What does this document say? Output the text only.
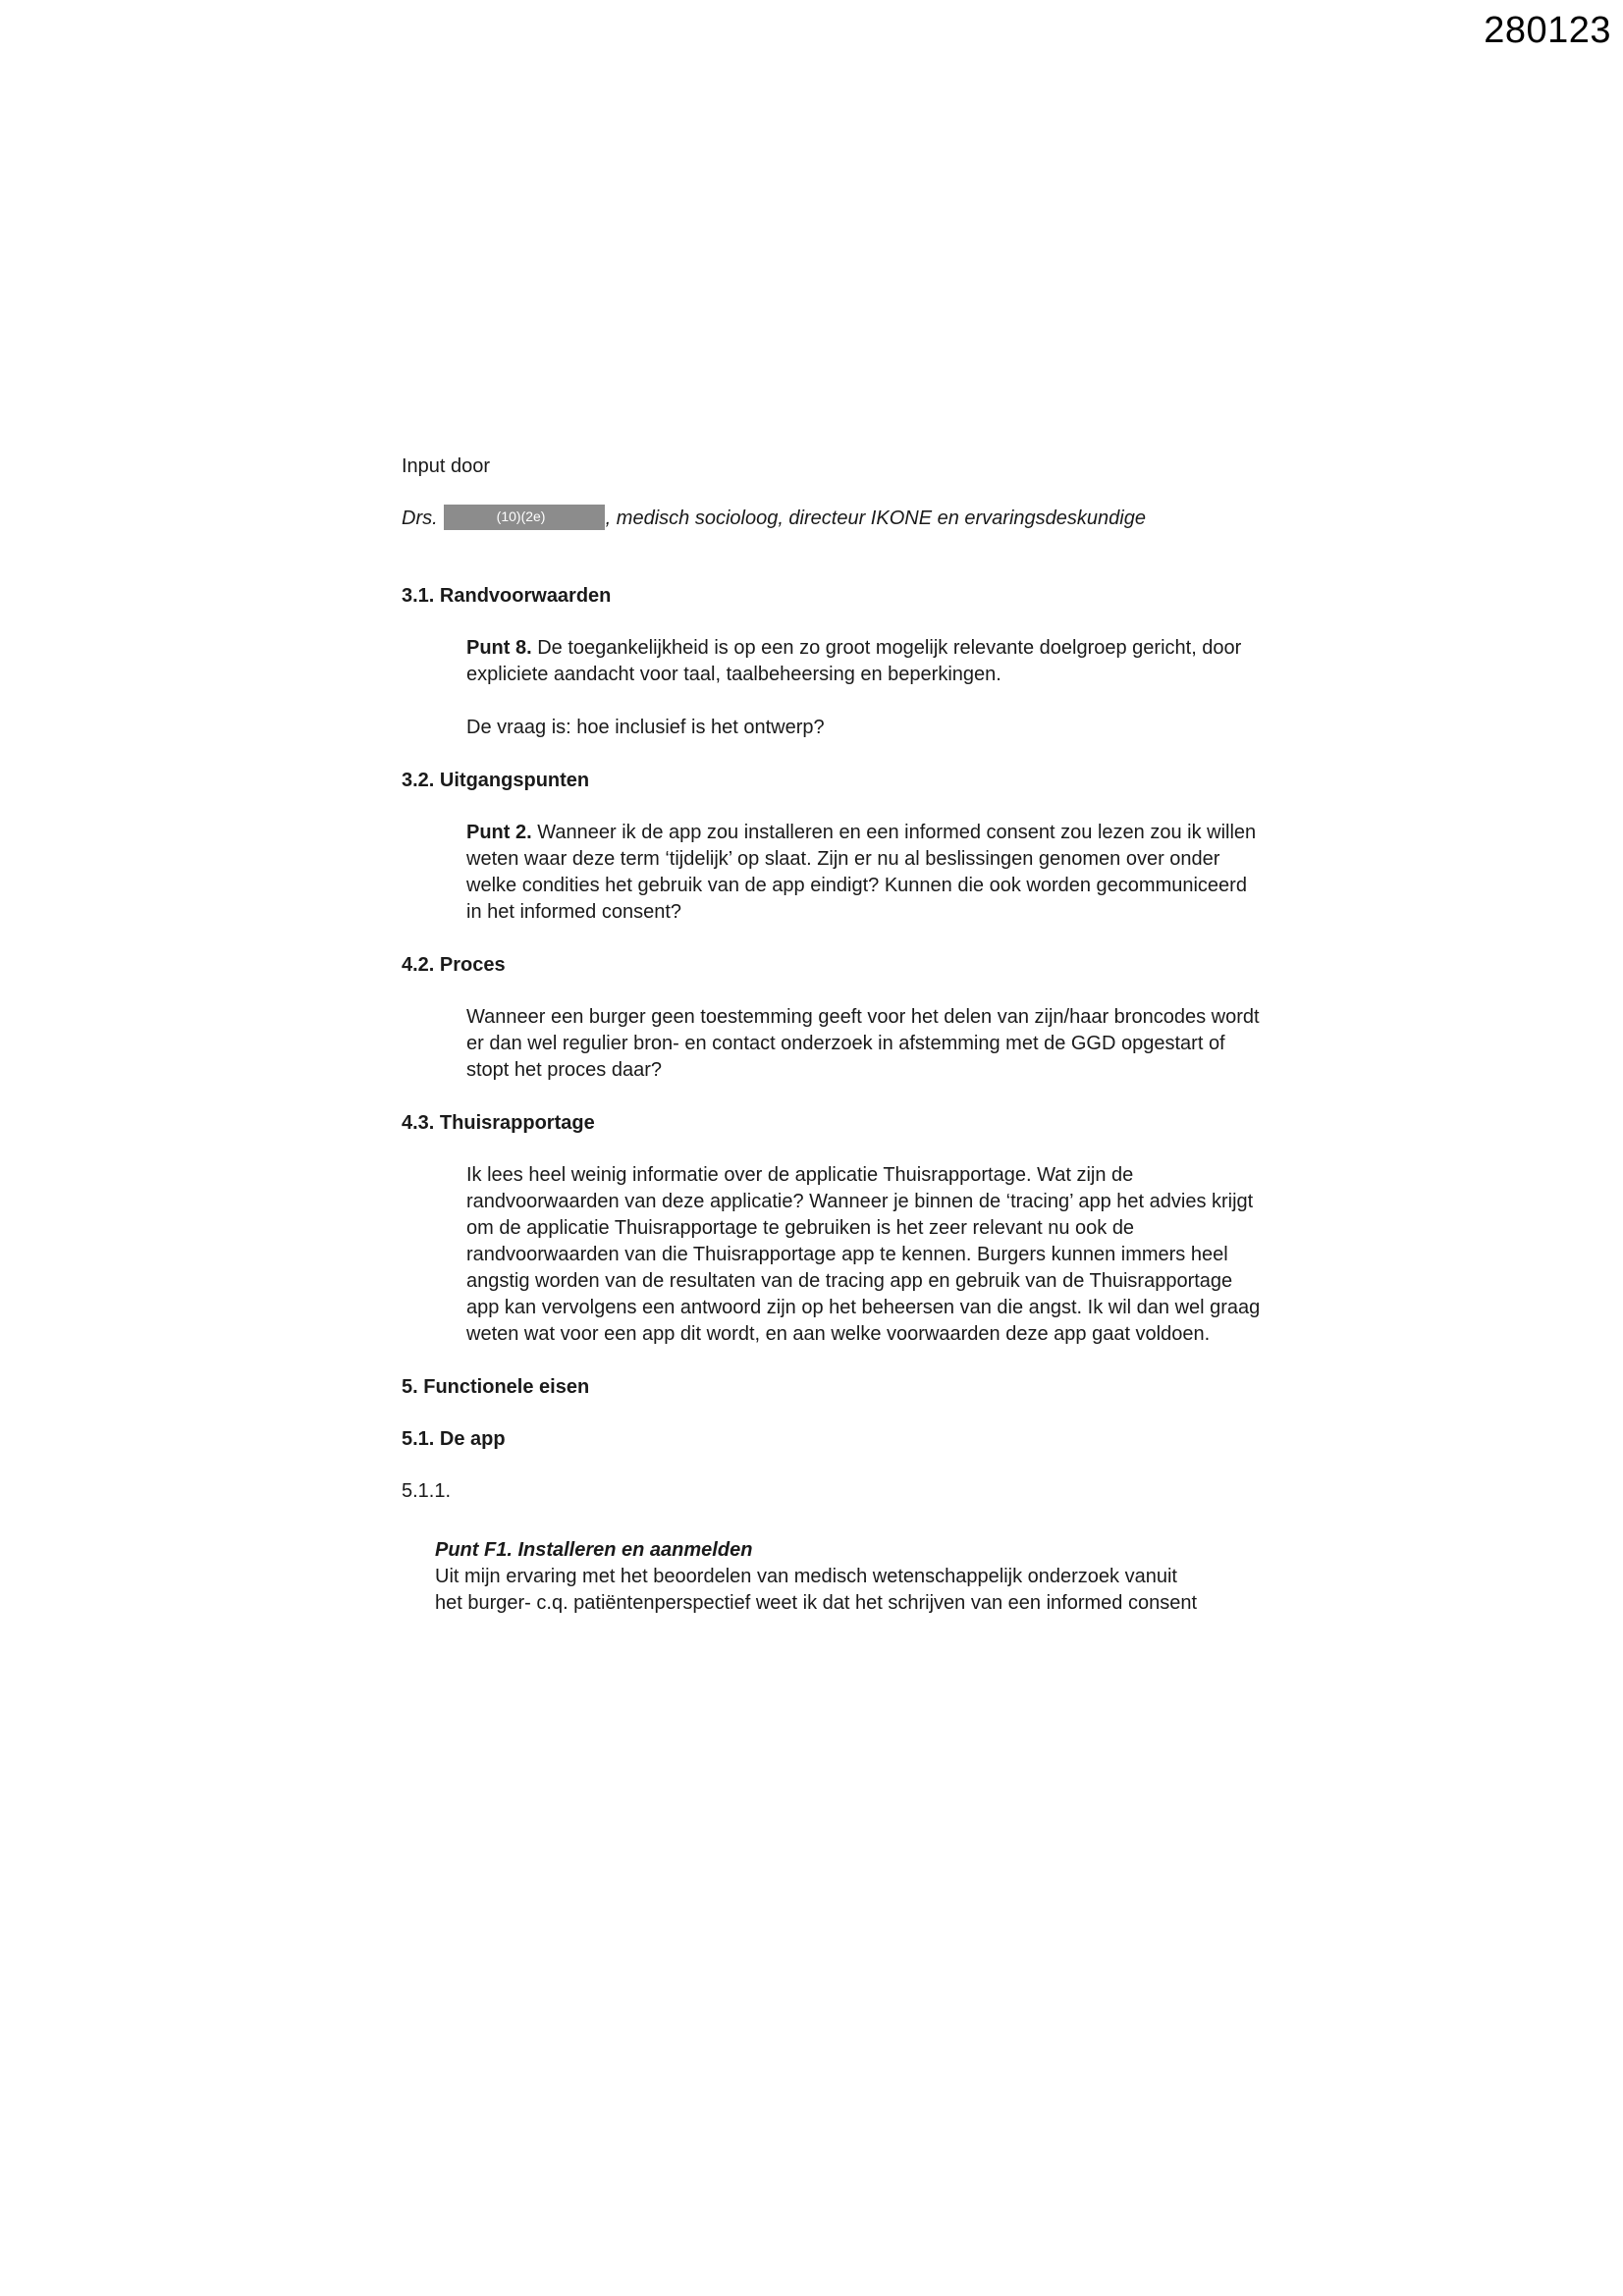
280123

Input door

Drs.	(10)(2e)	, medisch socioloog, directeur IKONE en ervaringsdeskundige

3.1. Randvoorwaarden

Punt 8. De toegankelijkheid is op een zo groot mogelijk relevante doelgroep gericht, door expliciete aandacht voor taal, taalbeheersing en beperkingen.

De vraag is: hoe inclusief is het ontwerp?

3.2. Uitgangspunten

Punt 2. Wanneer ik de app zou installeren en een informed consent zou lezen zou ik willen weten waar deze term ‘tijdelijk’ op slaat. Zijn er nu al beslissingen genomen over onder welke condities het gebruik van de app eindigt? Kunnen die ook worden gecommuniceerd in het informed consent?

4.2. Proces

Wanneer een burger geen toestemming geeft voor het delen van zijn/haar broncodes wordt er dan wel regulier bron- en contact onderzoek in afstemming met de GGD opgestart of stopt het proces daar?

4.3. Thuisrapportage

Ik lees heel weinig informatie over de applicatie Thuisrapportage. Wat zijn de randvoorwaarden van deze applicatie? Wanneer je binnen de ‘tracing’ app het advies krijgt om de applicatie Thuisrapportage te gebruiken is het zeer relevant nu ook de randvoorwaarden van die Thuisrapportage app te kennen. Burgers kunnen immers heel angstig worden van de resultaten van de tracing app en gebruik van de Thuisrapportage app kan vervolgens een antwoord zijn op het beheersen van die angst. Ik wil dan wel graag weten wat voor een app dit wordt, en aan welke voorwaarden deze app gaat voldoen.

5. Functionele eisen

5.1. De app

5.1.1.

Punt F1. Installeren en aanmelden

Uit mijn ervaring met het beoordelen van medisch wetenschappelijk onderzoek vanuit

het burger- c.q. patiëntenperspectief weet ik dat het schrijven van een informed consent
